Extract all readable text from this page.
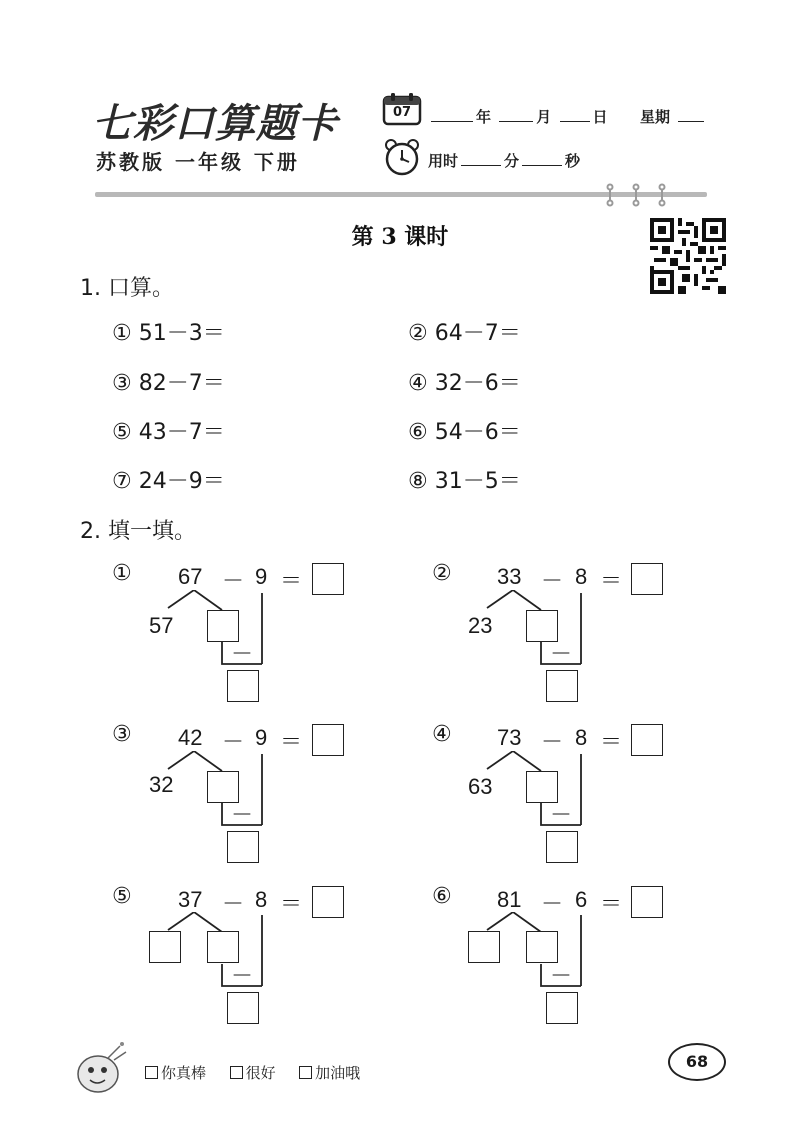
七彩口算题卡
苏教版 一年级 下册
07	年	月	日 星期
用时	分	秒
第 3 课时
1. 口算。
① 51－3＝	② 64－7＝
③ 82－7＝	④ 32－6＝
⑤ 43－7＝	⑥ 54－6＝
⑦ 24－9＝	⑧ 31－5＝
2. 填一填。
① 67 － 9 ＝
57
－
② 33 － 8 ＝
23
－
③ 42 － 9 ＝
32
－
④ 73 － 8 ＝
63
－
⑤ 37 － 8 ＝
－
⑥ 81 － 6 ＝
－
你真棒	很好	加油哦
68
